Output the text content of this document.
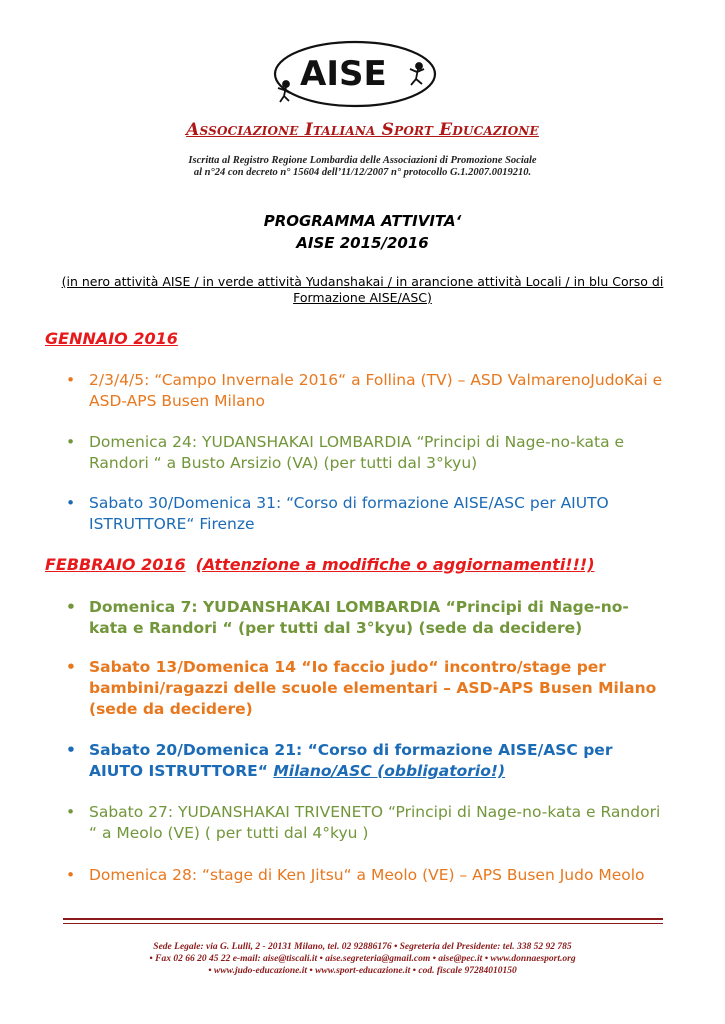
AISE
Associazione Italiana Sport Educazione
Iscritta al Registro Regione Lombardia delle Associazioni di Promozione Sociale
al n°24 con decreto n° 15604 dell’11/12/2007 n° protocollo G.1.2007.0019210.
PROGRAMMA ATTIVITA‘
AISE 2015/2016
(in nero attività AISE / in verde attività Yudanshakai / in arancione attività Locali / in blu Corso di Formazione AISE/ASC)
GENNAIO 2016
• 2/3/4/5: “Campo Invernale 2016“ a Follina (TV) – ASD ValmarenoJudoKai e ASD-APS Busen Milano
• Domenica 24: YUDANSHAKAI LOMBARDIA “Principi di Nage-no-kata e Randori “ a Busto Arsizio (VA) (per tutti dal 3°kyu)
• Sabato 30/Domenica 31: “Corso di formazione AISE/ASC per AIUTO ISTRUTTORE“ Firenze
FEBBRAIO 2016 (Attenzione a modifiche o aggiornamenti!!!)
• Domenica 7: YUDANSHAKAI LOMBARDIA “Principi di Nage-no-kata e Randori “ (per tutti dal 3°kyu) (sede da decidere)
• Sabato 13/Domenica 14 “Io faccio judo“ incontro/stage per bambini/ragazzi delle scuole elementari – ASD-APS Busen Milano (sede da decidere)
• Sabato 20/Domenica 21: “Corso di formazione AISE/ASC per AIUTO ISTRUTTORE“ Milano/ASC (obbligatorio!)
• Sabato 27: YUDANSHAKAI TRIVENETO “Principi di Nage-no-kata e Randori “ a Meolo (VE) ( per tutti dal 4°kyu )
• Domenica 28: “stage di Ken Jitsu“ a Meolo (VE) – APS Busen Judo Meolo
Sede Legale: via G. Lulli, 2 - 20131 Milano, tel. 02 92886176 • Segreteria del Presidente: tel. 338 52 92 785
• Fax 02 66 20 45 22 e-mail: aise@tiscali.it • aise.segreteria@gmail.com • aise@pec.it • www.donnaesport.org
• www.judo-educazione.it • www.sport-educazione.it • cod. fiscale 97284010150
